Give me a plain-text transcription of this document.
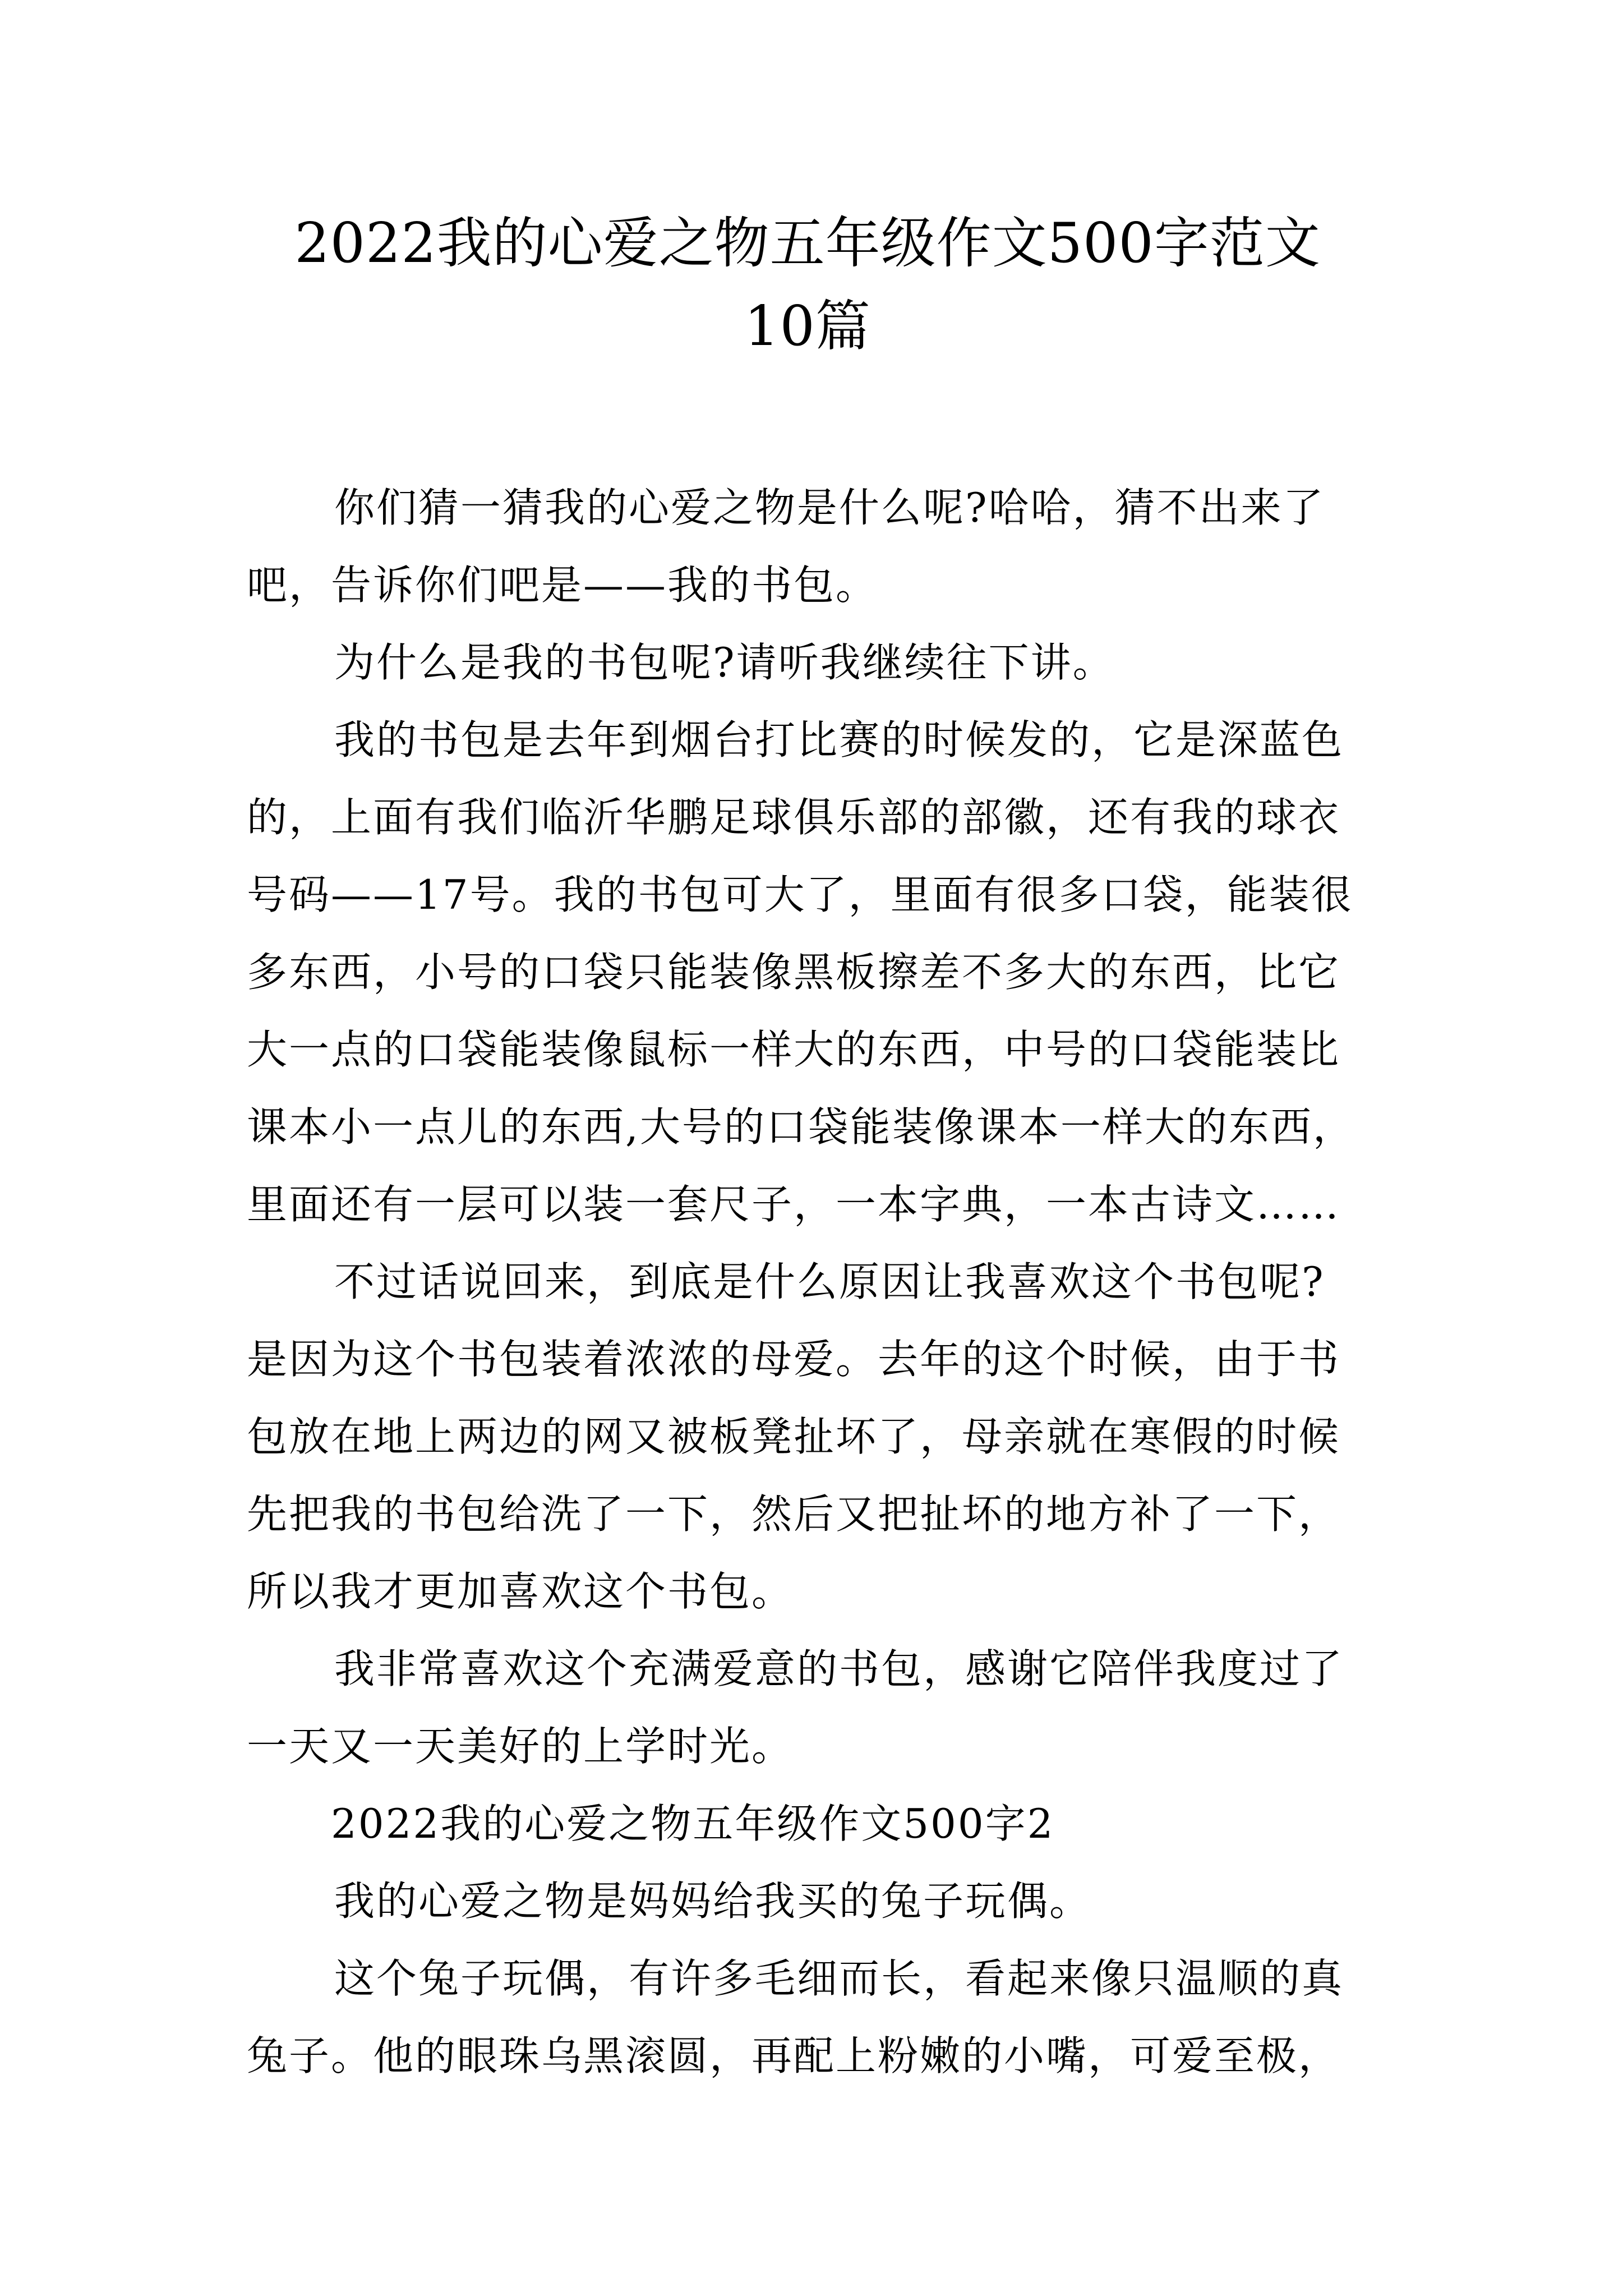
2022我的心爱之物五年级作文500字范文
10篇
你们猜一猜我的心爱之物是什么呢?哈哈，猜不出来了
吧，告诉你们吧是——我的书包。
为什么是我的书包呢?请听我继续往下讲。
我的书包是去年到烟台打比赛的时候发的，它是深蓝色
的，上面有我们临沂华鹏足球俱乐部的部徽，还有我的球衣
号码——17号。我的书包可大了，里面有很多口袋，能装很
多东西，小号的口袋只能装像黑板擦差不多大的东西，比它
大一点的口袋能装像鼠标一样大的东西，中号的口袋能装比
课本小一点儿的东西,大号的口袋能装像课本一样大的东西，
里面还有一层可以装一套尺子，一本字典，一本古诗文……
不过话说回来，到底是什么原因让我喜欢这个书包呢?
是因为这个书包装着浓浓的母爱。去年的这个时候，由于书
包放在地上两边的网又被板凳扯坏了，母亲就在寒假的时候
先把我的书包给洗了一下，然后又把扯坏的地方补了一下，
所以我才更加喜欢这个书包。
我非常喜欢这个充满爱意的书包，感谢它陪伴我度过了
一天又一天美好的上学时光。
2022我的心爱之物五年级作文500字2
我的心爱之物是妈妈给我买的兔子玩偶。
这个兔子玩偶，有许多毛细而长，看起来像只温顺的真
兔子。他的眼珠乌黑滚圆，再配上粉嫩的小嘴，可爱至极，
